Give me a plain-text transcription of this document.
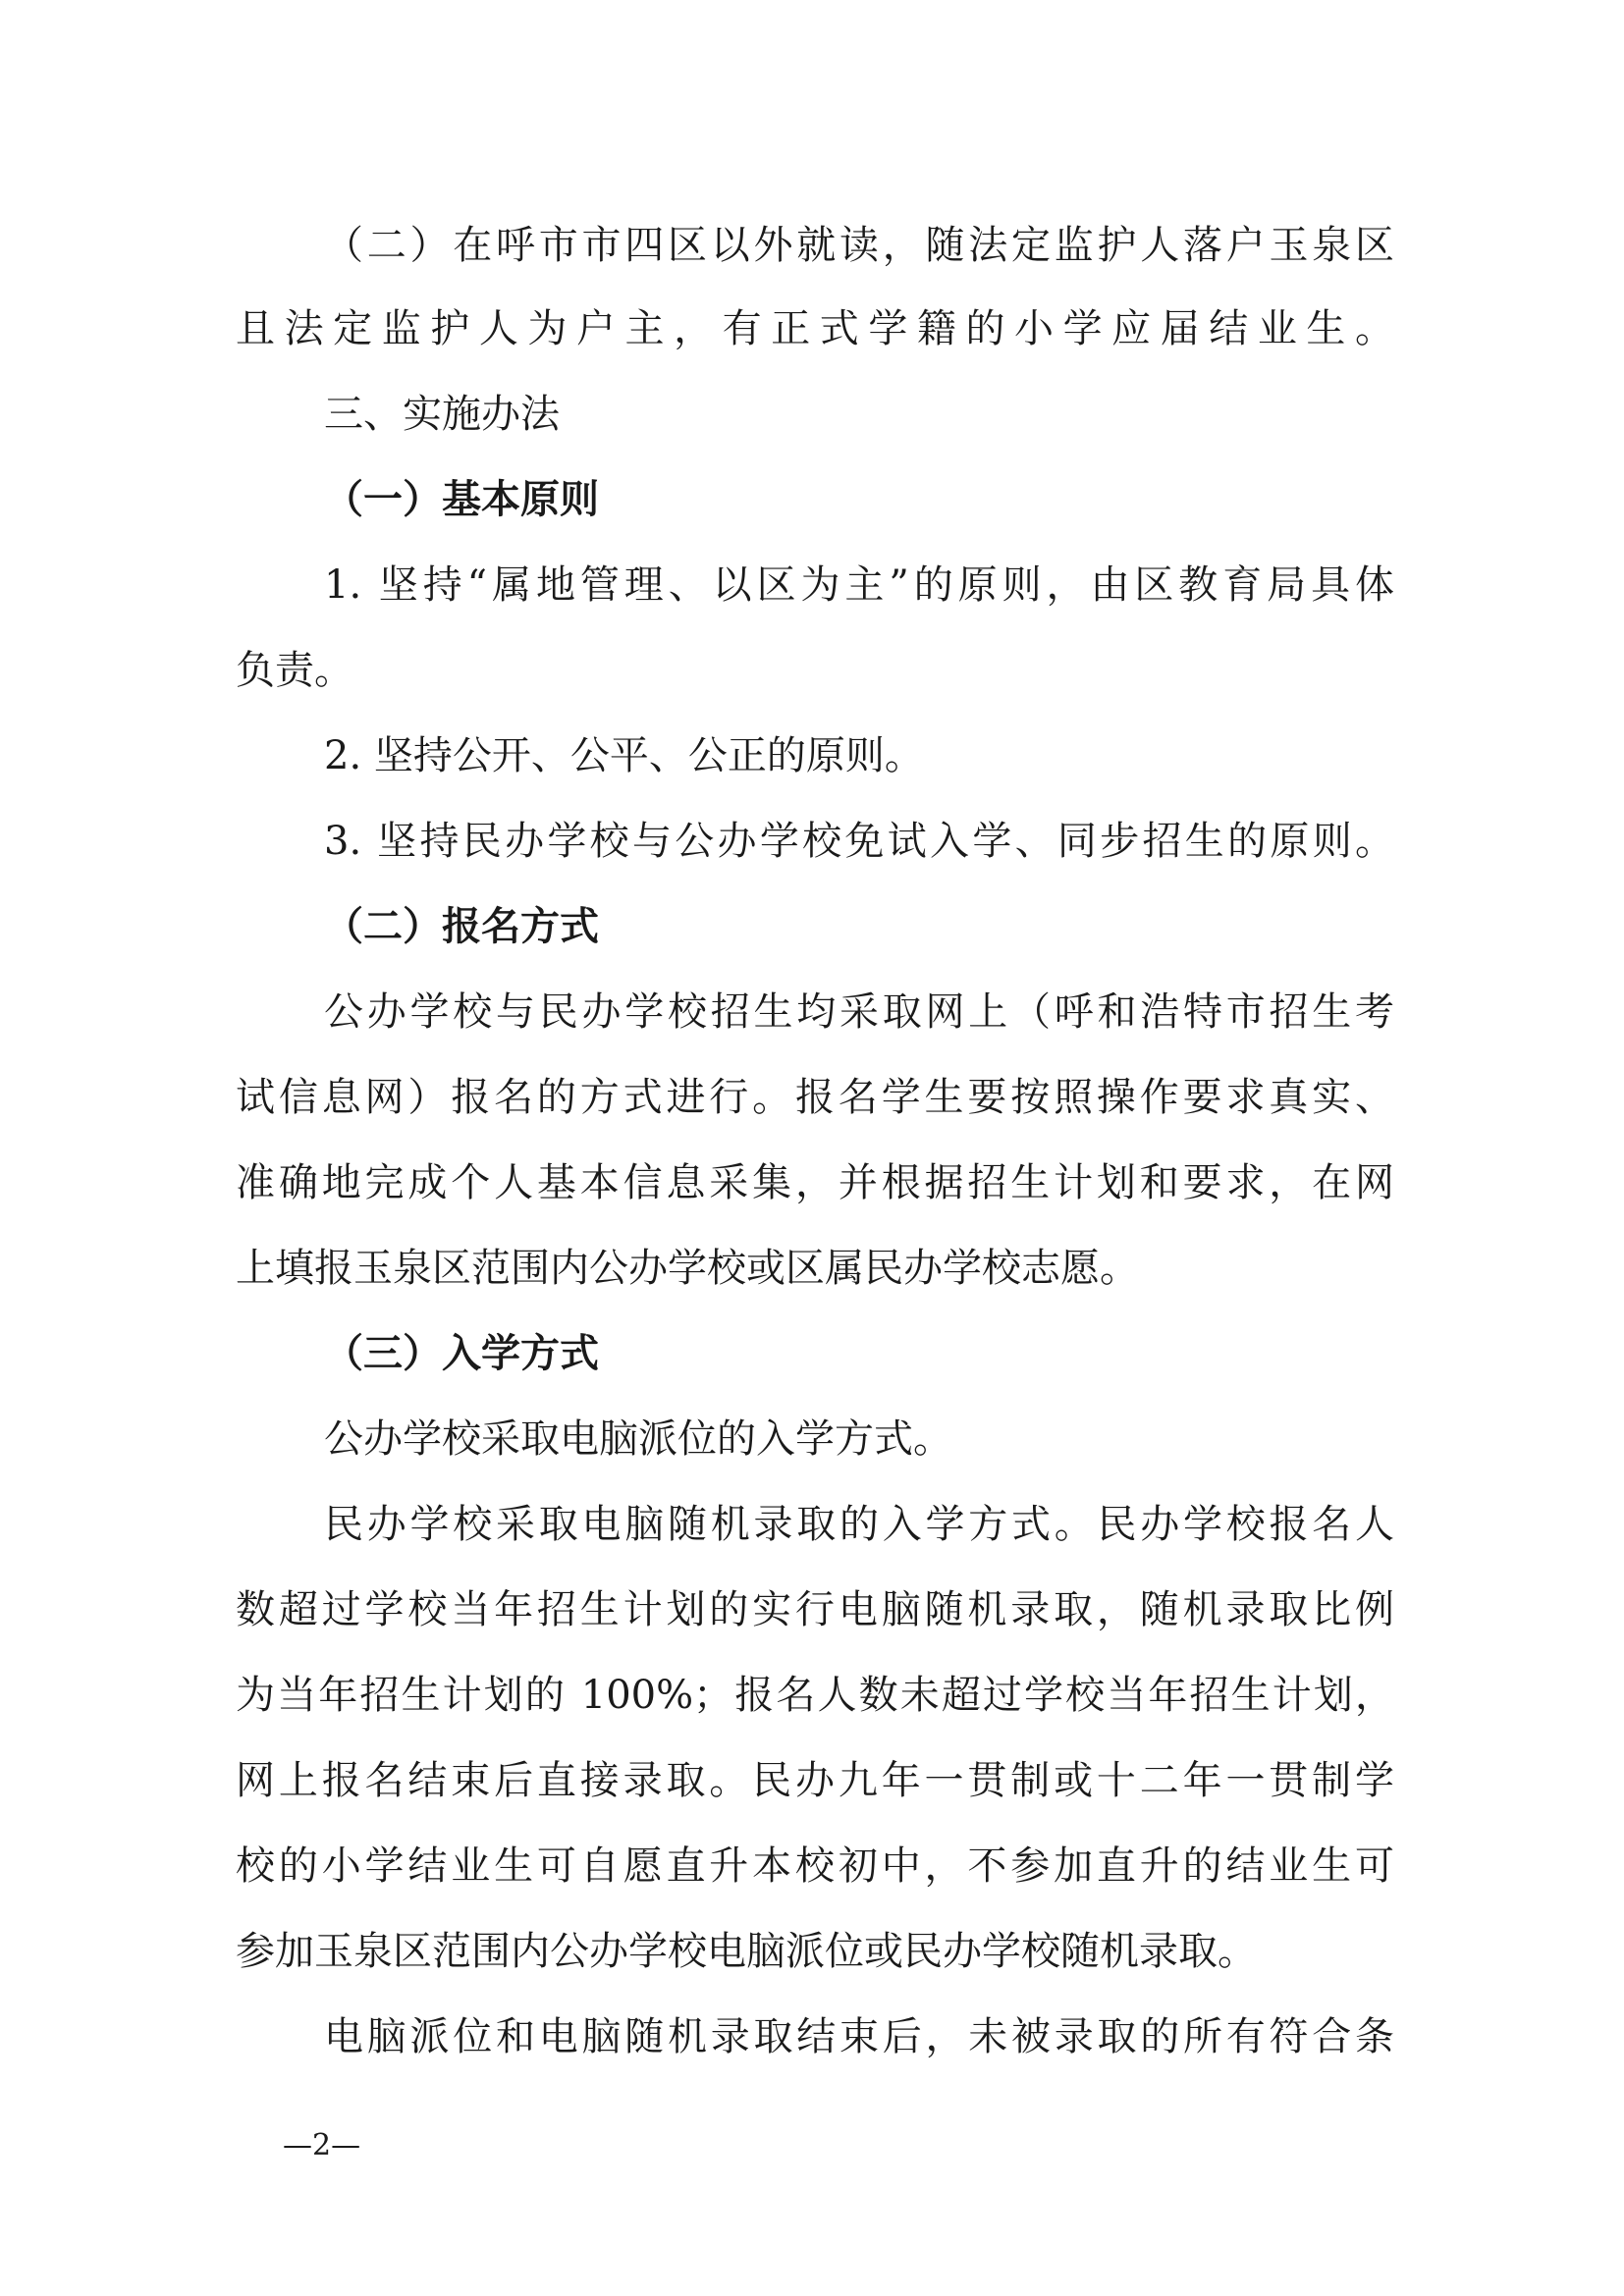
（二）在呼市市四区以外就读，随法定监护人落户玉泉区
且法定监护人为户主，有正式学籍的小学应届结业生。
三、实施办法
（一）基本原则
1. 坚持“属地管理、以区为主”的原则，由区教育局具体
负责。
2. 坚持公开、公平、公正的原则。
3. 坚持民办学校与公办学校免试入学、同步招生的原则。
（二）报名方式
公办学校与民办学校招生均采取网上（呼和浩特市招生考
试信息网）报名的方式进行。报名学生要按照操作要求真实、
准确地完成个人基本信息采集，并根据招生计划和要求，在网
上填报玉泉区范围内公办学校或区属民办学校志愿。
（三）入学方式
公办学校采取电脑派位的入学方式。
民办学校采取电脑随机录取的入学方式。民办学校报名人
数超过学校当年招生计划的实行电脑随机录取，随机录取比例
为当年招生计划的 100%；报名人数未超过学校当年招生计划，
网上报名结束后直接录取。民办九年一贯制或十二年一贯制学
校的小学结业生可自愿直升本校初中，不参加直升的结业生可
参加玉泉区范围内公办学校电脑派位或民办学校随机录取。
电脑派位和电脑随机录取结束后，未被录取的所有符合条
—2—
